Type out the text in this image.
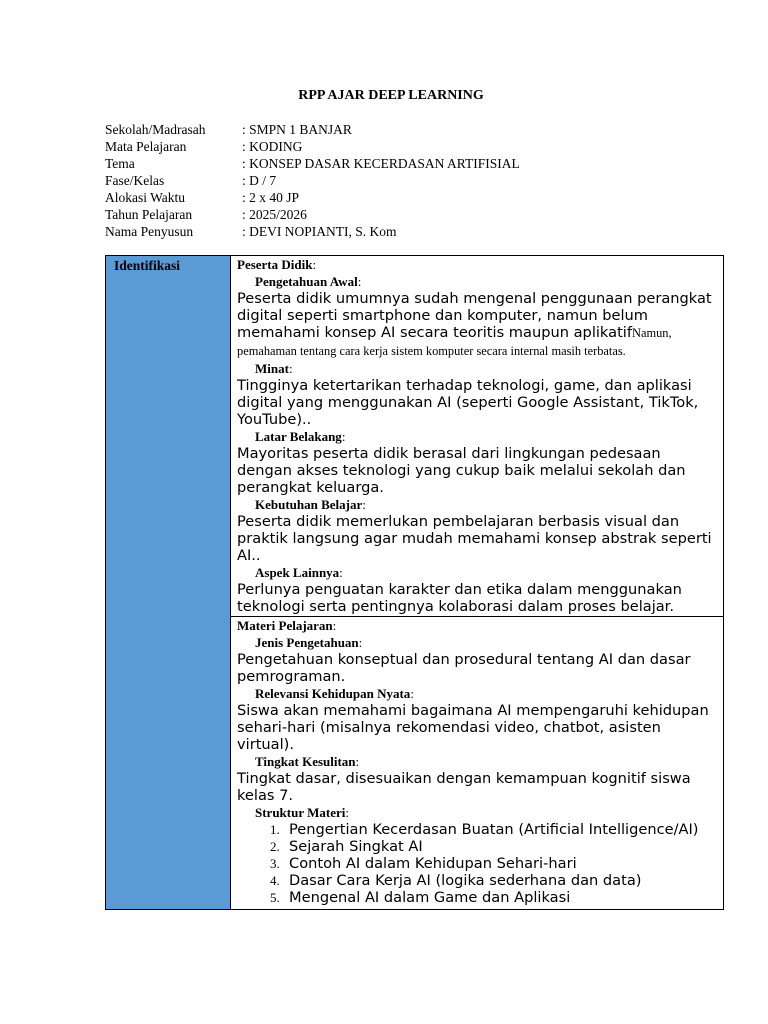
RPP AJAR DEEP LEARNING
Sekolah/Madrasah	: SMPN 1 BANJAR
Mata Pelajaran	: KODING
Tema	: KONSEP DASAR KECERDASAN ARTIFISIAL
Fase/Kelas	: D / 7
Alokasi Waktu	: 2 x 40 JP
Tahun Pelajaran	: 2025/2026
Nama Penyusun	: DEVI NOPIANTI, S. Kom
Identifikasi	Peserta Didik:
Pengetahuan Awal:
Peserta didik umumnya sudah mengenal penggunaan perangkat digital seperti smartphone dan komputer, namun belum memahami konsep AI secara teoritis maupun aplikatifNamun, pemahaman tentang cara kerja sistem komputer secara internal masih terbatas.
Minat:
Tingginya ketertarikan terhadap teknologi, game, dan aplikasi digital yang menggunakan AI (seperti Google Assistant, TikTok, YouTube)..
Latar Belakang:
Mayoritas peserta didik berasal dari lingkungan pedesaan dengan akses teknologi yang cukup baik melalui sekolah dan perangkat keluarga.
Kebutuhan Belajar:
Peserta didik memerlukan pembelajaran berbasis visual dan praktik langsung agar mudah memahami konsep abstrak seperti AI..
Aspek Lainnya:
Perlunya penguatan karakter dan etika dalam menggunakan teknologi serta pentingnya kolaborasi dalam proses belajar.
Materi Pelajaran:
Jenis Pengetahuan:
Pengetahuan konseptual dan prosedural tentang AI dan dasar pemrograman.
Relevansi Kehidupan Nyata:
Siswa akan memahami bagaimana AI mempengaruhi kehidupan sehari-hari (misalnya rekomendasi video, chatbot, asisten virtual).
Tingkat Kesulitan:
Tingkat dasar, disesuaikan dengan kemampuan kognitif siswa kelas 7.
Struktur Materi:
1. Pengertian Kecerdasan Buatan (Artificial Intelligence/AI)
2. Sejarah Singkat AI
3. Contoh AI dalam Kehidupan Sehari-hari
4. Dasar Cara Kerja AI (logika sederhana dan data)
5. Mengenal AI dalam Game dan Aplikasi
